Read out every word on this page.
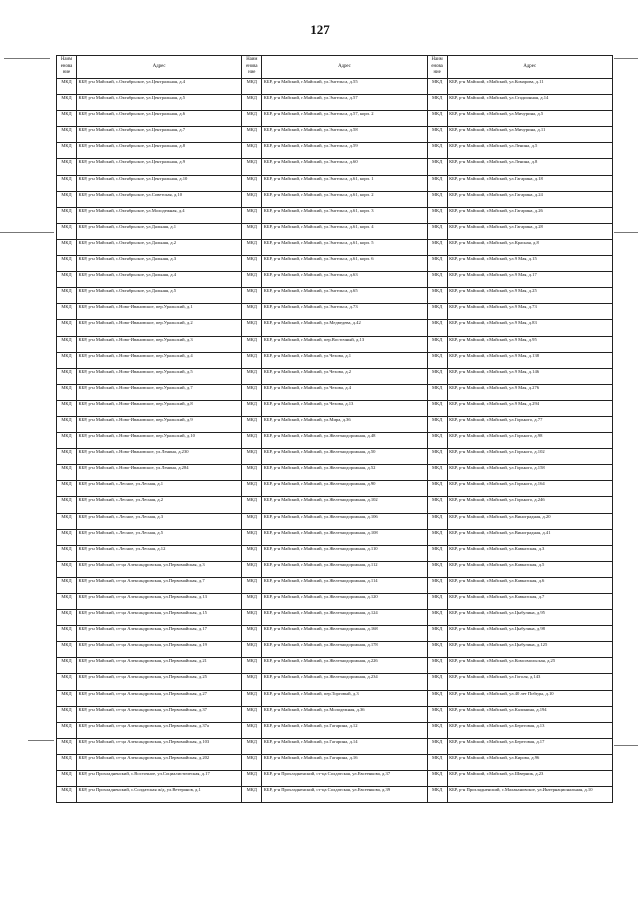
127
Наим енова ние	Адрес	Наим енова ние	Адрес	Наим енова ние	Адрес
МКД	КБР, р-н Майский, с.Октябрьское, ул.Центральная, д.4	МКД	КБР, р-н Майский, г.Майский, ул.Энгельса, д.55	МКД	КБР, р-н Майский, г.Майский, ул.Комарова, д.11
МКД	КБР, р-н Майский, с.Октябрьское, ул.Центральная, д.5	МКД	КБР, р-н Майский, г.Майский, ул.Энгельса, д.57	МКД	КБР, р-н Майский, г.Майский, ул.Стадионная, д.14
МКД	КБР, р-н Майский, с.Октябрьское, ул.Центральная, д.6	МКД	КБР, р-н Майский, г.Майский, ул.Энгельса, д.57, корп. 2	МКД	КБР, р-н Майский, г.Майский, ул.Мичурина, д.5
МКД	КБР, р-н Майский, с.Октябрьское, ул.Центральная, д.7	МКД	КБР, р-н Майский, г.Майский, ул.Энгельса, д.58	МКД	КБР, р-н Майский, г.Майский, ул.Мичурина, д.11
МКД	КБР, р-н Майский, с.Октябрьское, ул.Центральная, д.8	МКД	КБР, р-н Майский, г.Майский, ул.Энгельса, д.59	МКД	КБР, р-н Майский, г.Майский, ул.Ленина, д.5
МКД	КБР, р-н Майский, с.Октябрьское, ул.Центральная, д.9	МКД	КБР, р-н Майский, г.Майский, ул.Энгельса, д.60	МКД	КБР, р-н Майский, г.Майский, ул.Ленина, д.8
МКД	КБР, р-н Майский, с.Октябрьское, ул.Центральная, д.10	МКД	КБР, р-н Майский, г.Майский, ул.Энгельса, д.61, корп. 1	МКД	КБР, р-н Майский, г.Майский, ул.Гагарина, д.18
МКД	КБР, р-н Майский, с.Октябрьское, ул.Советская, д.10	МКД	КБР, р-н Майский, г.Майский, ул.Энгельса, д.61, корп. 2	МКД	КБР, р-н Майский, г.Майский, ул.Гагарина, д.24
МКД	КБР, р-н Майский, с.Октябрьское, ул.Молодежная, д.4	МКД	КБР, р-н Майский, г.Майский, ул.Энгельса, д.61, корп. 3	МКД	КБР, р-н Майский, г.Майский, ул.Гагарина, д.26
МКД	КБР, р-н Майский, с.Октябрьское, ул.Дальняя, д.1	МКД	КБР, р-н Майский, г.Майский, ул.Энгельса, д.61, корп. 4	МКД	КБР, р-н Майский, г.Майский, ул.Гагарина, д.28
МКД	КБР, р-н Майский, с.Октябрьское, ул.Дальняя, д.2	МКД	КБР, р-н Майский, г.Майский, ул.Энгельса, д.61, корп. 5	МКД	КБР, р-н Майский, г.Майский, ул.Красная, д.8
МКД	КБР, р-н Майский, с.Октябрьское, ул.Дальняя, д.3	МКД	КБР, р-н Майский, г.Майский, ул.Энгельса, д.61, корп. 6	МКД	КБР, р-н Майский, г.Майский, ул.9 Мая, д.15
МКД	КБР, р-н Майский, с.Октябрьское, ул.Дальняя, д.4	МКД	КБР, р-н Майский, г.Майский, ул.Энгельса, д.63	МКД	КБР, р-н Майский, г.Майский, ул.9 Мая, д.17
МКД	КБР, р-н Майский, с.Октябрьское, ул.Дальняя, д.5	МКД	КБР, р-н Майский, г.Майский, ул.Энгельса, д.65	МКД	КБР, р-н Майский, г.Майский, ул.9 Мая, д.25
МКД	КБР, р-н Майский, с.Ново-Ивановское, пер.Уральский, д.1	МКД	КБР, р-н Майский, г.Майский, ул.Энгельса, д.73	МКД	КБР, р-н Майский, г.Майский, ул.9 Мая, д.73
МКД	КБР, р-н Майский, с.Ново-Ивановское, пер.Уральский, д.2	МКД	КБР, р-н Майский, г.Майский, ул.Медведева, д.42	МКД	КБР, р-н Майский, г.Майский, ул.9 Мая, д.83
МКД	КБР, р-н Майский, с.Ново-Ивановское, пер.Уральский, д.3	МКД	КБР, р-н Майский, г.Майский, пер.Восточный, д.13	МКД	КБР, р-н Майский, г.Майский, ул.9 Мая, д.95
МКД	КБР, р-н Майский, с.Ново-Ивановское, пер.Уральский, д.4	МКД	КБР, р-н Майский, г.Майский, ул.Чехова, д.1	МКД	КБР, р-н Майский, г.Майский, ул.9 Мая, д.138
МКД	КБР, р-н Майский, с.Ново-Ивановское, пер.Уральский, д.5	МКД	КБР, р-н Майский, г.Майский, ул.Чехова, д.2	МКД	КБР, р-н Майский, г.Майский, ул.9 Мая, д.146
МКД	КБР, р-н Майский, с.Ново-Ивановское, пер.Уральский, д.7	МКД	КБР, р-н Майский, г.Майский, ул.Чехова, д.4	МКД	КБР, р-н Майский, г.Майский, ул.9 Мая, д.276
МКД	КБР, р-н Майский, с.Ново-Ивановское, пер.Уральский, д.8	МКД	КБР, р-н Майский, г.Майский, ул.Чехова, д.13	МКД	КБР, р-н Майский, г.Майский, ул.9 Мая, д.294
МКД	КБР, р-н Майский, с.Ново-Ивановское, пер.Уральский, д.9	МКД	КБР, р-н Майский, г.Майский, ул.Мира, д.36	МКД	КБР, р-н Майский, г.Майский, ул.Горького, д.77
МКД	КБР, р-н Майский, с.Ново-Ивановское, пер.Уральский, д.10	МКД	КБР, р-н Майский, г.Майский, ул.Железнодорожная, д.48	МКД	КБР, р-н Майский, г.Майский, ул.Горького, д.98
МКД	КБР, р-н Майский, с.Ново-Ивановское, ул.Ленина, д.230	МКД	КБР, р-н Майский, г.Майский, ул.Железнодорожная, д.50	МКД	КБР, р-н Майский, г.Майский, ул.Горького, д.102
МКД	КБР, р-н Майский, с.Ново-Ивановское, ул.Ленина, д.284	МКД	КБР, р-н Майский, г.Майский, ул.Железнодорожная, д.52	МКД	КБР, р-н Майский, г.Майский, ул.Горького, д.158
МКД	КБР, р-н Майский, с.Лесное, ул.Лесная, д.1	МКД	КБР, р-н Майский, г.Майский, ул.Железнодорожная, д.90	МКД	КБР, р-н Майский, г.Майский, ул.Горького, д.164
МКД	КБР, р-н Майский, с.Лесное, ул.Лесная, д.2	МКД	КБР, р-н Майский, г.Майский, ул.Железнодорожная, д.102	МКД	КБР, р-н Майский, г.Майский, ул.Горького, д.246
МКД	КБР, р-н Майский, с.Лесное, ул.Лесная, д.3	МКД	КБР, р-н Майский, г.Майский, ул.Железнодорожная, д.106	МКД	КБР, р-н Майский, г.Майский, ул.Виноградная, д.20
МКД	КБР, р-н Майский, с.Лесное, ул.Лесная, д.5	МКД	КБР, р-н Майский, г.Майский, ул.Железнодорожная, д.108	МКД	КБР, р-н Майский, г.Майский, ул.Виноградная, д.41
МКД	КБР, р-н Майский, с.Лесное, ул.Лесная, д.12	МКД	КБР, р-н Майский, г.Майский, ул.Железнодорожная, д.110	МКД	КБР, р-н Майский, г.Майский, ул.Кавказская, д.3
МКД	КБР, р-н Майский, ст-ца Александровская, ул.Первомайская, д.3	МКД	КБР, р-н Майский, г.Майский, ул.Железнодорожная, д.112	МКД	КБР, р-н Майский, г.Майский, ул.Кавказская, д.5
МКД	КБР, р-н Майский, ст-ца Александровская, ул.Первомайская, д.7	МКД	КБР, р-н Майский, г.Майский, ул.Железнодорожная, д.114	МКД	КБР, р-н Майский, г.Майский, ул.Кавказская, д.6
МКД	КБР, р-н Майский, ст-ца Александровская, ул.Первомайская, д.13	МКД	КБР, р-н Майский, г.Майский, ул.Железнодорожная, д.120	МКД	КБР, р-н Майский, г.Майский, ул.Кавказская, д.7
МКД	КБР, р-н Майский, ст-ца Александровская, ул.Первомайская, д.15	МКД	КБР, р-н Майский, г.Майский, ул.Железнодорожная, д.124	МКД	КБР, р-н Майский, г.Майский, ул.Цыбулина, д.95
МКД	КБР, р-н Майский, ст-ца Александровская, ул.Первомайская, д.17	МКД	КБР, р-н Майский, г.Майский, ул.Железнодорожная, д.168	МКД	КБР, р-н Майский, г.Майский, ул.Цыбулина, д.98
МКД	КБР, р-н Майский, ст-ца Александровская, ул.Первомайская, д.19	МКД	КБР, р-н Майский, г.Майский, ул.Железнодорожная, д.178	МКД	КБР, р-н Майский, г.Майский, ул.Цыбулина, д.125
МКД	КБР, р-н Майский, ст-ца Александровская, ул.Первомайская, д.21	МКД	КБР, р-н Майский, г.Майский, ул.Железнодорожная, д.226	МКД	КБР, р-н Майский, г.Майский, ул.Комсомольская, д.25
МКД	КБР, р-н Майский, ст-ца Александровская, ул.Первомайская, д.25	МКД	КБР, р-н Майский, г.Майский, ул.Железнодорожная, д.234	МКД	КБР, р-н Майский, г.Майский, ул.Гоголя, д.143
МКД	КБР, р-н Майский, ст-ца Александровская, ул.Первомайская, д.27	МКД	КБР, р-н Майский, г.Майский, пер.Торговый, д.3	МКД	КБР, р-н Майский, г.Майский, ул.40 лет Победы, д.10
МКД	КБР, р-н Майский, ст-ца Александровская, ул.Первомайская, д.37	МКД	КБР, р-н Майский, г.Майский, ул.Молодежная, д.36	МКД	КБР, р-н Майский, г.Майский, ул.Калинина, д.194
МКД	КБР, р-н Майский, ст-ца Александровская, ул.Первомайская, д.37а	МКД	КБР, р-н Майский, г.Майский, ул.Гагарина, д.12	МКД	КБР, р-н Майский, г.Майский, ул.Береговая, д.13
МКД	КБР, р-н Майский, ст-ца Александровская, ул.Первомайская, д.103	МКД	КБР, р-н Майский, г.Майский, ул.Гагарина, д.14	МКД	КБР, р-н Майский, г.Майский, ул.Береговая, д.17
МКД	КБР, р-н Майский, ст-ца Александровская, ул.Первомайская, д.202	МКД	КБР, р-н Майский, г.Майский, ул.Гагарина, д.16	МКД	КБР, р-н Майский, г.Майский, ул.Кирова, д.96
МКД	КБР, р-н Прохладненский, с.Восточное, ул.Социалистическая, д.17	МКД	КБР, р-н Прохладненский, ст-ца Солдатская, ул.Евсеенкова, д.37	МКД	КБР, р-н Майский, г.Майский, ул.Шверник, д.23
МКД	КБР, р-н Прохладненский, с.Солдатская ж/д, ул.Ветеранов, д.1	МКД	КБР, р-н Прохладненский, ст-ца Солдатская, ул.Евсеенкова, д.39	МКД	КБР, р-н Прохладненский, с.Малакановское, ул.Интернациональная, д.10
